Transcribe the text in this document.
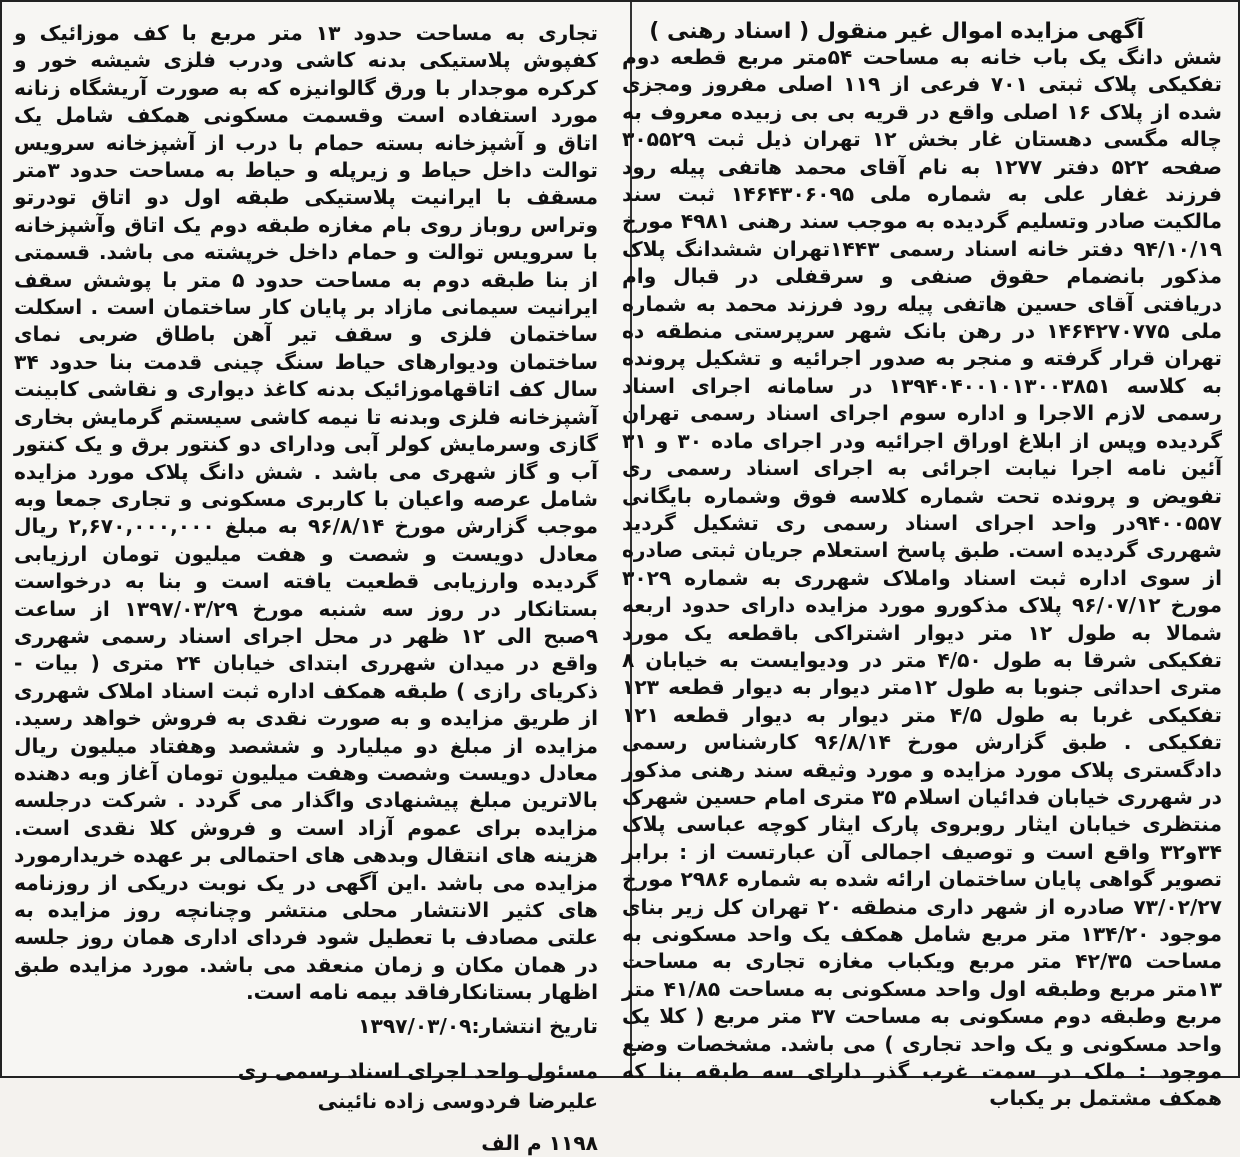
آگهی مزایده اموال غیر منقول ( اسناد رهنی )

شش دانگ یک باب خانه به مساحت ۵۴متر مربع قطعه دوم تفکیکی پلاک ثبتی ۷۰۱ فرعی از ۱۱۹ اصلی مفروز ومجزی شده از پلاک ۱۶ اصلی واقع در قریه بی بی زبیده معروف به چاله مگسی دهستان غار بخش ۱۲ تهران ذیل ثبت ۳۰۵۵۲۹ صفحه ۵۲۲ دفتر ۱۲۷۷ به نام آقای محمد هاتفی پیله رود فرزند غفار علی به شماره ملی ۱۴۶۴۳۰۶۰۹۵ ثبت سند مالکیت صادر وتسلیم گردیده به موجب سند رهنی ۴۹۸۱ مورخ ۹۴/۱۰/۱۹ دفتر خانه اسناد رسمی ۱۴۴۳تهران ششدانگ پلاک مذکور بانضمام حقوق صنفی و سرقفلی در قبال وام دریافتی آقای حسین هاتفی پیله رود فرزند محمد به شماره ملی ۱۴۶۴۲۷۰۷۷۵ در رهن بانک شهر سرپرستی منطقه ده تهران قرار گرفته و منجر به صدور اجرائیه و تشکیل پرونده به کلاسه ۱۳۹۴۰۴۰۰۱۰۱۳۰۰۳۸۵۱ در سامانه اجرای اسناد رسمی لازم الاجرا و اداره سوم اجرای اسناد رسمی تهران گردیده وپس از ابلاغ اوراق اجرائیه ودر اجرای ماده ۳۰ و ۳۱ آئین نامه اجرا نیابت اجرائی به اجرای اسناد رسمی ری تفویض و پرونده تحت شماره کلاسه فوق وشماره بایگانی ۹۴۰۰۵۵۷در واحد اجرای اسناد رسمی ری تشکیل گردید شهرری گردیده است. طبق پاسخ استعلام جریان ثبتی صادره از سوی اداره ثبت اسناد واملاک شهرری به شماره ۳۰۲۹ مورخ ۹۶/۰۷/۱۲ پلاک مذکورو مورد مزایده دارای حدود اربعه شمالا به طول ۱۲ متر دیوار اشتراکی باقطعه یک مورد تفکیکی شرقا به طول ۴/۵۰ متر در ودیوایست به خیابان ۸ متری احداثی جنوبا به طول ۱۲متر دیوار به دیوار قطعه ۱۲۳ تفکیکی غربا به طول ۴/۵ متر دیوار به دیوار قطعه ۱۲۱ تفکیکی . طبق گزارش مورخ ۹۶/۸/۱۴ کارشناس رسمی دادگستری پلاک مورد مزایده و مورد وثیقه سند رهنی مذکور در شهرری خیابان فدائیان اسلام ۳۵ متری امام حسین شهرک منتظری خیابان ایثار روبروی پارک ایثار کوچه عباسی پلاک ۳۴و۳۲ واقع است و توصیف اجمالی آن عبارتست از : برابر تصویر گواهی پایان ساختمان ارائه شده به شماره ۲۹۸۶ مورخ ۷۳/۰۲/۲۷ صادره از شهر داری منطقه ۲۰ تهران کل زیر بنای موجود ۱۳۴/۲۰ متر مربع شامل همکف یک واحد مسکونی به مساحت ۴۲/۳۵ متر مربع ویکباب مغازه تجاری به مساحت ۱۳متر مربع وطبقه اول واحد مسکونی به مساحت ۴۱/۸۵ متر مربع وطبقه دوم مسکونی به مساحت ۳۷ متر مربع ( کلا یک واحد مسکونی و یک واحد تجاری ) می باشد. مشخصات وضع موجود : ملک در سمت غرب گذر دارای سه طبقه بنا که همکف مشتمل بر یکباب

تجاری به مساحت حدود ۱۳ متر مربع با کف موزائیک و کفپوش پلاستیکی بدنه کاشی ودرب فلزی شیشه خور و کرکره موجدار با ورق گالوانیزه که به صورت آریشگاه زنانه مورد استفاده است وقسمت مسکونی همکف شامل یک اتاق و آشپزخانه بسته حمام با درب از آشپزخانه سرویس توالت داخل حیاط و زیرپله و حیاط به مساحت حدود ۳متر مسقف با ایرانیت پلاستیکی طبقه اول دو اتاق تودرتو وتراس روباز روی بام مغازه طبقه دوم یک اتاق وآشپزخانه با سرویس توالت و حمام داخل خرپشته می باشد. قسمتی از بنا طبقه دوم به مساحت حدود ۵ متر با پوشش سقف ایرانیت سیمانی مازاد بر پایان کار ساختمان است . اسکلت ساختمان فلزی و سقف تیر آهن باطاق ضربی نمای ساختمان ودیوارهای حیاط سنگ چینی قدمت بنا حدود ۳۴ سال کف اتاقهاموزائیک بدنه کاغذ دیواری و نقاشی کابینت آشپزخانه فلزی وبدنه تا نیمه کاشی سیستم گرمایش بخاری گازی وسرمایش کولر آبی ودارای دو کنتور برق و یک کنتور آب و گاز شهری می باشد . شش دانگ پلاک مورد مزایده شامل عرصه واعیان با کاربری مسکونی و تجاری جمعا وبه موجب گزارش مورخ ۹۶/۸/۱۴ به مبلغ ۲,۶۷۰,۰۰۰,۰۰۰ ریال معادل دویست و شصت و هفت میلیون تومان ارزیابی گردیده وارزیابی قطعیت یافته است و بنا به درخواست بستانکار در روز سه شنبه مورخ ۱۳۹۷/۰۳/۲۹ از ساعت ۹صبح الی ۱۲ ظهر در محل اجرای اسناد رسمی شهرری واقع در میدان شهرری ابتدای خیابان ۲۴ متری ( بیات - ذکریای رازی ) طبقه همکف اداره ثبت اسناد املاک شهرری از طریق مزایده و به صورت نقدی به فروش خواهد رسید. مزایده از مبلغ دو میلیارد و ششصد وهفتاد میلیون ریال معادل دویست وشصت وهفت میلیون تومان آغاز وبه دهنده بالاترین مبلغ پیشنهادی واگذار می گردد . شرکت درجلسه مزایده برای عموم آزاد است و فروش کلا نقدی است. هزینه های انتقال وبدهی های احتمالی بر عهده خریدارمورد مزایده می باشد .این آگهی در یک نوبت دریکی از روزنامه های کثیر الانتشار محلی منتشر وچنانچه روز مزایده به علتی مصادف با تعطیل شود فردای اداری همان روز جلسه در همان مکان و زمان منعقد می باشد. مورد مزایده طبق اظهار بستانکارفاقد بیمه نامه است.

تاریخ انتشار:۱۳۹۷/۰۳/۰۹
مسئول واحد اجرای اسناد رسمی ری
علیرضا فردوسی زاده نائینی
۱۱۹۸ م الف
